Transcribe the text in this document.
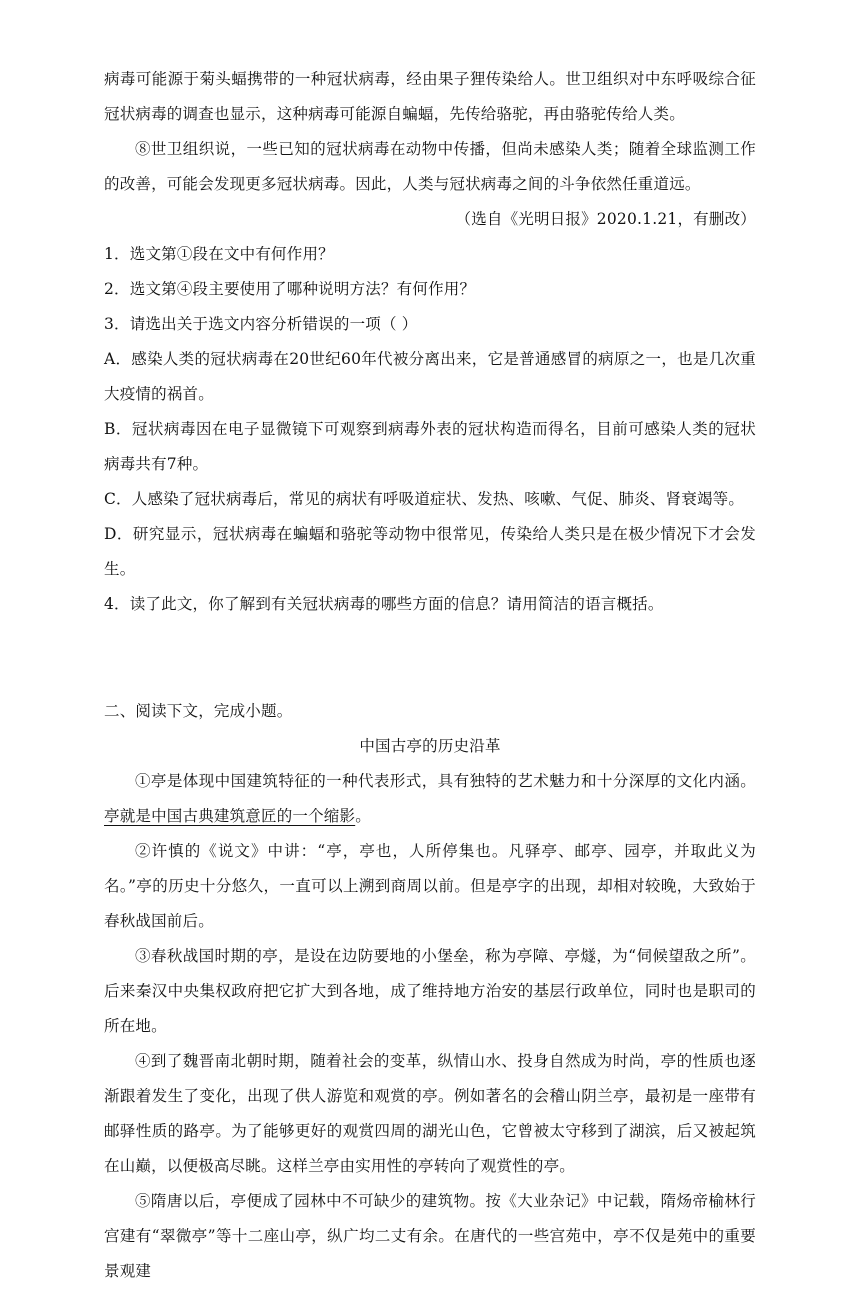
病毒可能源于菊头蝠携带的一种冠状病毒，经由果子狸传染给人。世卫组织对中东呼吸综合征冠状病毒的调查也显示，这种病毒可能源自蝙蝠，先传给骆驼，再由骆驼传给人类。

⑧世卫组织说，一些已知的冠状病毒在动物中传播，但尚未感染人类；随着全球监测工作的改善，可能会发现更多冠状病毒。因此，人类与冠状病毒之间的斗争依然任重道远。

（选自《光明日报》2020.1.21，有删改）

1．选文第①段在文中有何作用？

2．选文第④段主要使用了哪种说明方法？有何作用？

3．请选出关于选文内容分析错误的一项（ ）

A．感染人类的冠状病毒在20世纪60年代被分离出来，它是普通感冒的病原之一，也是几次重大疫情的祸首。

B．冠状病毒因在电子显微镜下可观察到病毒外表的冠状构造而得名，目前可感染人类的冠状病毒共有7种。

C．人感染了冠状病毒后，常见的病状有呼吸道症状、发热、咳嗽、气促、肺炎、肾衰竭等。

D．研究显示，冠状病毒在蝙蝠和骆驼等动物中很常见，传染给人类只是在极少情况下才会发生。

4．读了此文，你了解到有关冠状病毒的哪些方面的信息？请用简洁的语言概括。

二、阅读下文，完成小题。

中国古亭的历史沿革

①亭是体现中国建筑特征的一种代表形式，具有独特的艺术魅力和十分深厚的文化内涵。亭就是中国古典建筑意匠的一个缩影。

②许慎的《说文》中讲：“亭，亭也，人所停集也。凡驿亭、邮亭、园亭，并取此义为名。”亭的历史十分悠久，一直可以上溯到商周以前。但是亭字的出现，却相对较晚，大致始于春秋战国前后。

③春秋战国时期的亭，是设在边防要地的小堡垒，称为亭障、亭燧，为“伺候望敌之所”。后来秦汉中央集权政府把它扩大到各地，成了维持地方治安的基层行政单位，同时也是职司的所在地。

④到了魏晋南北朝时期，随着社会的变革，纵情山水、投身自然成为时尚，亭的性质也逐渐跟着发生了变化，出现了供人游览和观赏的亭。例如著名的会稽山阴兰亭，最初是一座带有邮驿性质的路亭。为了能够更好的观赏四周的湖光山色，它曾被太守移到了湖滨，后又被起筑在山巅，以便极高尽眺。这样兰亭由实用性的亭转向了观赏性的亭。

⑤隋唐以后，亭便成了园林中不可缺少的建筑物。按《大业杂记》中记载，隋炀帝榆林行宫建有“翠微亭”等十二座山亭，纵广均二丈有余。在唐代的一些宫苑中，亭不仅是苑中的重要景观建
